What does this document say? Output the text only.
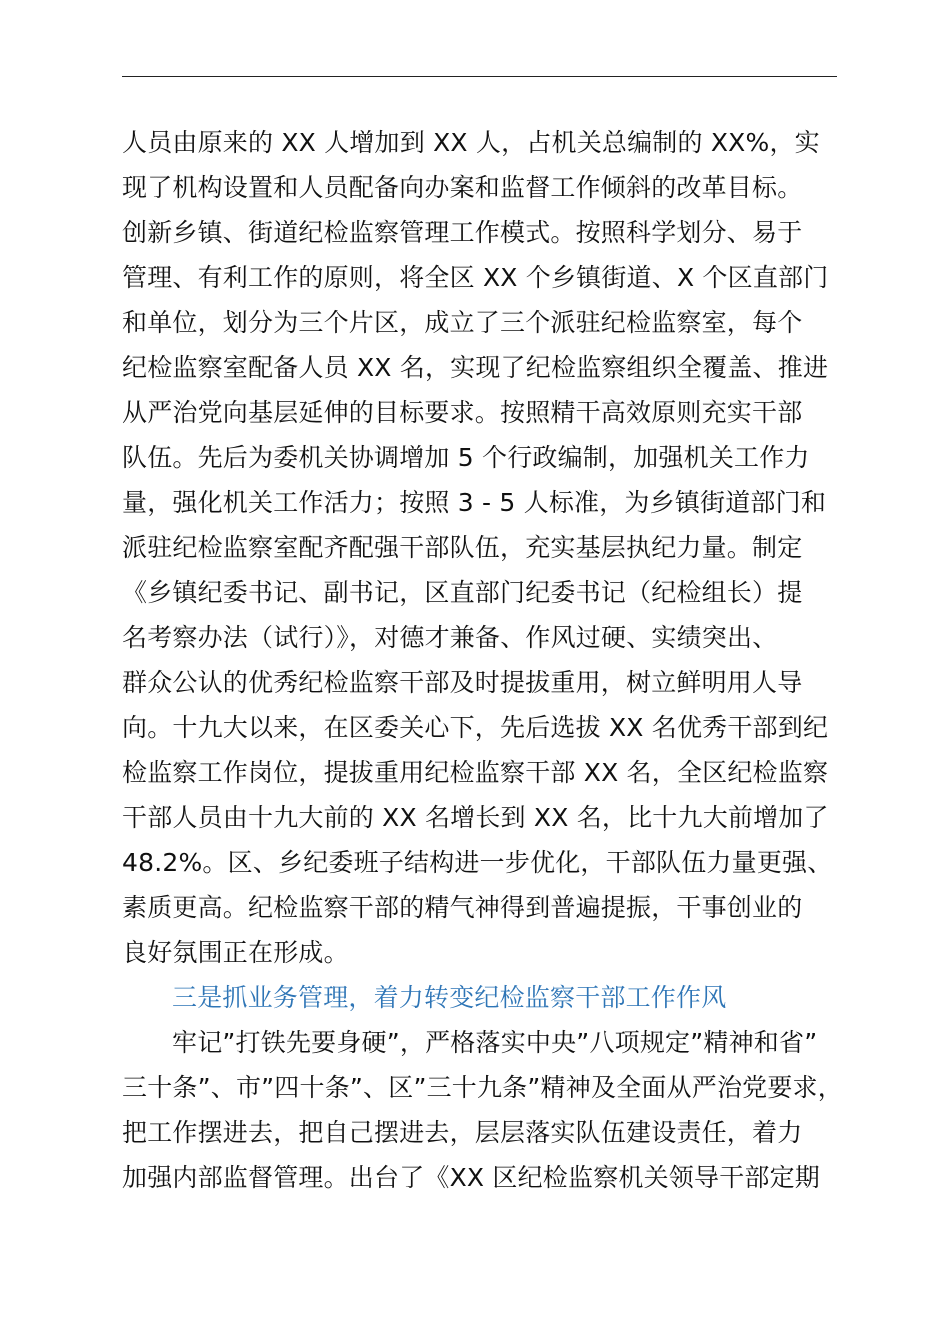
人员由原来的 XX 人增加到 XX 人，占机关总编制的 XX%，实
现了机构设置和人员配备向办案和监督工作倾斜的改革目标。
创新乡镇、街道纪检监察管理工作模式。按照科学划分、易于
管理、有利工作的原则，将全区 XX 个乡镇街道、X 个区直部门
和单位，划分为三个片区，成立了三个派驻纪检监察室，每个
纪检监察室配备人员 XX 名，实现了纪检监察组织全覆盖、推进
从严治党向基层延伸的目标要求。按照精干高效原则充实干部
队伍。先后为委机关协调增加 5 个行政编制，加强机关工作力
量，强化机关工作活力；按照 3 - 5 人标准，为乡镇街道部门和
派驻纪检监察室配齐配强干部队伍，充实基层执纪力量。制定
《乡镇纪委书记、副书记，区直部门纪委书记（纪检组长）提
名考察办法（试行）》，对德才兼备、作风过硬、实绩突出、
群众公认的优秀纪检监察干部及时提拔重用，树立鲜明用人导
向。十九大以来，在区委关心下，先后选拔 XX 名优秀干部到纪
检监察工作岗位，提拔重用纪检监察干部 XX 名，全区纪检监察
干部人员由十九大前的 XX 名增长到 XX 名，比十九大前增加了
48.2%。区、乡纪委班子结构进一步优化，干部队伍力量更强、
素质更高。纪检监察干部的精气神得到普遍提振，干事创业的
良好氛围正在形成。
三是抓业务管理，着力转变纪检监察干部工作作风
牢记”打铁先要身硬”，严格落实中央”八项规定”精神和省”
三十条”、市”四十条”、区”三十九条”精神及全面从严治党要求，
把工作摆进去，把自己摆进去，层层落实队伍建设责任，着力
加强内部监督管理。出台了《XX 区纪检监察机关领导干部定期
